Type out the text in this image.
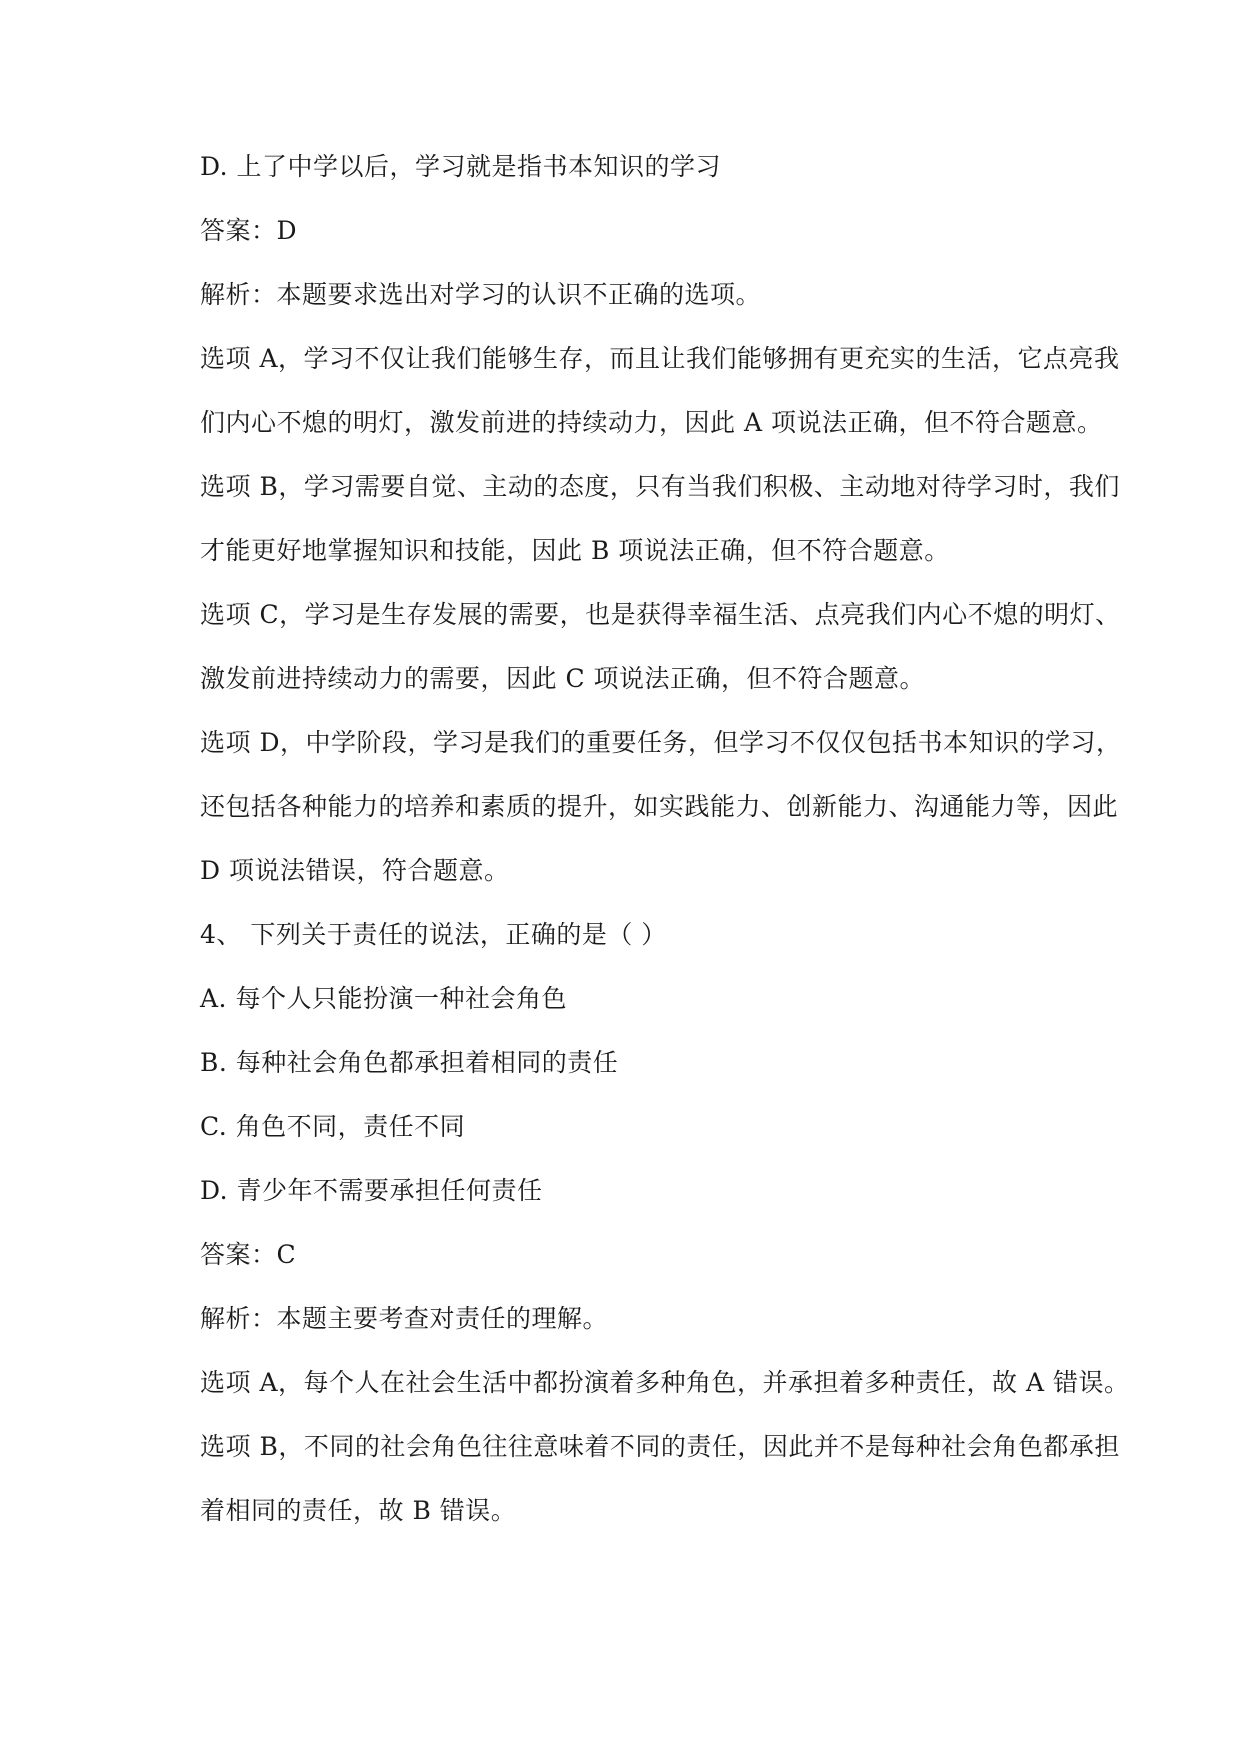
D. 上了中学以后，学习就是指书本知识的学习
答案：D
解析：本题要求选出对学习的认识不正确的选项。
选项 A，学习不仅让我们能够生存，而且让我们能够拥有更充实的生活，它点亮我
们内心不熄的明灯，激发前进的持续动力，因此 A 项说法正确，但不符合题意。
选项 B，学习需要自觉、主动的态度，只有当我们积极、主动地对待学习时，我们
才能更好地掌握知识和技能，因此 B 项说法正确，但不符合题意。
选项 C，学习是生存发展的需要，也是获得幸福生活、点亮我们内心不熄的明灯、
激发前进持续动力的需要，因此 C 项说法正确，但不符合题意。
选项 D，中学阶段，学习是我们的重要任务，但学习不仅仅包括书本知识的学习，
还包括各种能力的培养和素质的提升，如实践能力、创新能力、沟通能力等，因此
D 项说法错误，符合题意。
4、 下列关于责任的说法，正确的是（ ）
A. 每个人只能扮演一种社会角色
B. 每种社会角色都承担着相同的责任
C. 角色不同，责任不同
D. 青少年不需要承担任何责任
答案：C
解析：本题主要考查对责任的理解。
选项 A，每个人在社会生活中都扮演着多种角色，并承担着多种责任，故 A 错误。
选项 B，不同的社会角色往往意味着不同的责任，因此并不是每种社会角色都承担
着相同的责任，故 B 错误。
